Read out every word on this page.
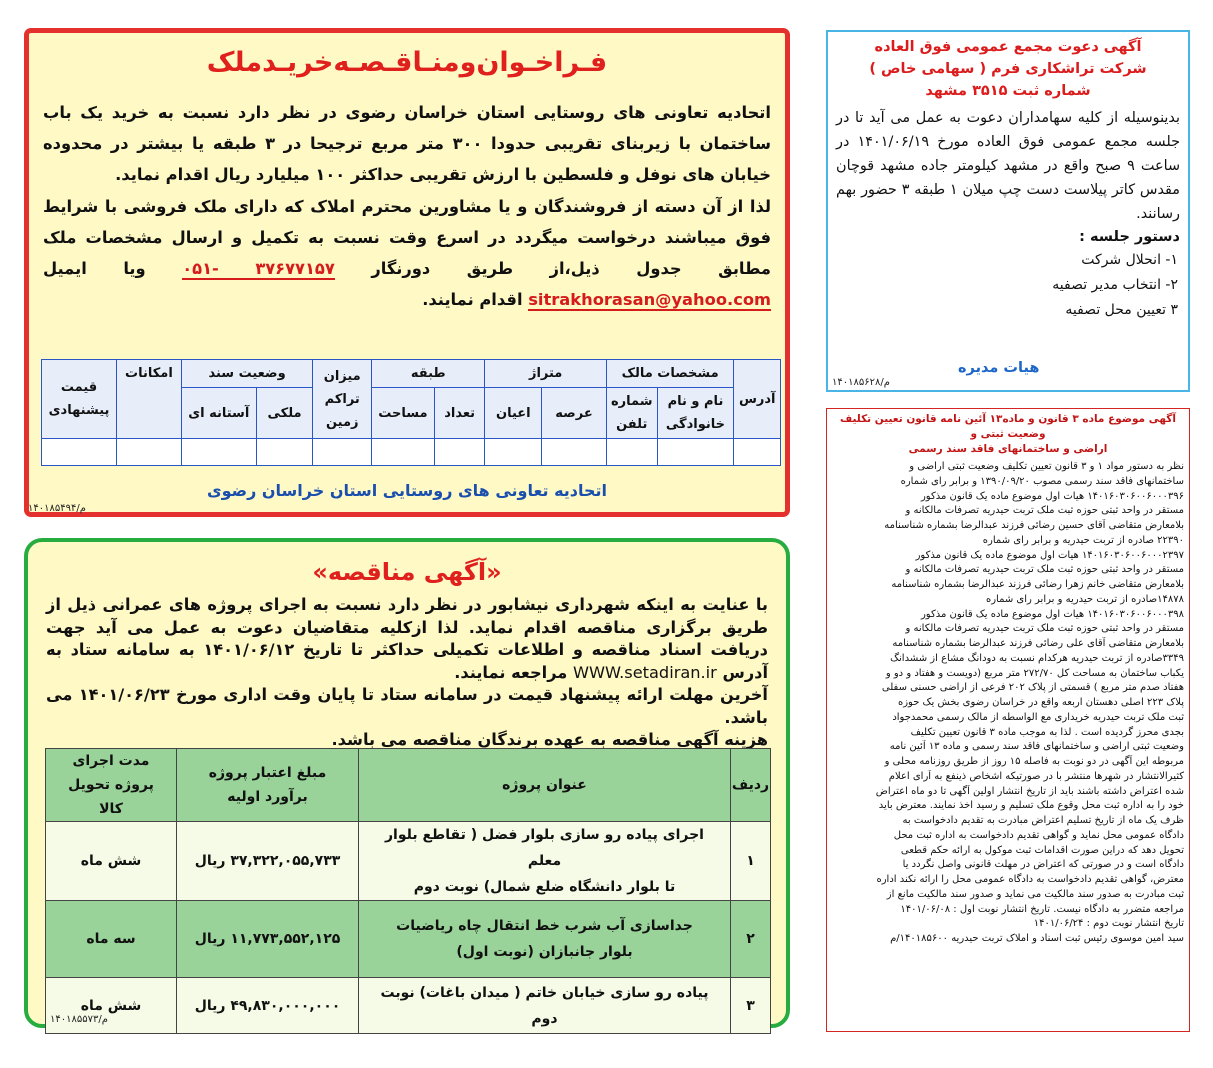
فـراخـوان‌ومنـاقـصـه‌خریـدملک

اتحادیه تعاونی های روستایی استان خراسان رضوی در نظر دارد نسبت به خرید یک باب ساختمان با زیربنای تقریبی حدودا ۳۰۰ متر مربع ترجیحا در ۳ طبقه یا بیشتر در محدوده خیابان های نوفل و فلسطین با ارزش تقریبی حداکثر ۱۰۰ میلیارد ریال اقدام نماید.

لذا از آن دسته از فروشندگان و یا مشاورین محترم املاک که دارای ملک فروشی با شرایط فوق میباشند درخواست میگردد در اسرع وقت نسبت به تکمیل و ارسال مشخصات ملک مطابق جدول ذیل،از طریق دورنگار ۳۷۶۷۷۱۵۷ -۰۵۱ ویا ایمیل sitrakhorasan@yahoo.com اقدام نمایند.

آدرس	مشخصات مالک		متراژ		طبقه		میزان تراکم زمین	وضعیت سند		امکانات	قیمت پیشنهادی
	نام و نام خانوادگی	شماره تلفن	عرصه	اعیان	تعداد	مساحت		ملکی	آستانه ای		

اتحادیه تعاونی های روستایی استان خراسان رضوی
۱۴۰۱۸۵۴۹۴/م
«آگهی مناقصه»

با عنایت به اینکه شهرداری نیشابور در نظر دارد نسبت به اجرای پروژه های عمرانی ذیل از طریق برگزاری مناقصه اقدام نماید. لذا ازکلیه متقاضیان دعوت به عمل می آید جهت دریافت اسناد مناقصه و اطلاعات تکمیلی حداکثر تا تاریخ ۱۴۰۱/۰۶/۱۲ به سامانه ستاد به آدرس WWW.setadiran.ir مراجعه نمایند.

آخرین مهلت ارائه پیشنهاد قیمت در سامانه ستاد تا پایان وقت اداری مورخ ۱۴۰۱/۰۶/۲۳ می باشد.

هزینه آگهی مناقصه به عهده برندگان مناقصه می باشد.

ردیف	عنوان پروژه	مبلغ اعتبار پروژه برآورد اولیه	مدت اجرای پروژه تحویل کالا
۱	اجرای پیاده رو سازی بلوار فضل ( تقاطع بلوار معلم
تا بلوار دانشگاه ضلع شمال) نوبت دوم	۳۷,۳۲۲,۰۵۵,۷۳۳ ریال	شش ماه
۲	جداسازی آب شرب خط انتقال چاه ریاضیات
بلوار جانبازان (نوبت اول)	۱۱,۷۷۳,۵۵۲,۱۲۵ ریال	سه ماه
۳	پیاده رو سازی خیابان خاتم ( میدان باغات) نوبت دوم	۴۹,۸۳۰,۰۰۰,۰۰۰ ریال	شش ماه
۱۴۰۱۸۵۵۷۳/م
آگهی دعوت مجمع عمومی فوق العاده
شرکت تراشکاری فرم ( سهامی خاص )
شماره ثبت ۳۵۱۵ مشهد
بدینوسیله از کلیه سهامداران دعوت به عمل می آید تا در جلسه مجمع عمومی فوق العاده مورخ ۱۴۰۱/۰۶/۱۹ در ساعت ۹ صبح واقع در مشهد کیلومتر جاده مشهد قوچان مقدس کاتر پیلاست دست چپ میلان ۱ طبقه ۳ حضور بهم رسانند.
دستور جلسه :
۱- انحلال شرکت
۲- انتخاب مدیر تصفیه
۳ تعیین محل تصفیه
هیات مدیره
۱۴۰۱۸۵۶۲۸/م
آگهی موضوع ماده ۳ قانون و ماده۱۳ آئین نامه قانون تعیین تکلیف وضعیت ثبتی و
اراضی و ساختمانهای فاقد سند رسمی
نظر به دستور مواد ۱ و ۳ قانون تعیین تکلیف وضعیت ثبتی اراضی و
ساختمانهای فاقد سند رسمی مصوب ۱۳۹۰/۰۹/۲۰ و برابر رای شماره
۱۴۰۱۶۰۳۰۶۰۰۶۰۰۰۳۹۶ هیات اول موضوع ماده یک قانون مذکور
مستقر در واحد ثبتی حوزه ثبت ملک تربت حیدریه تصرفات مالکانه و
بلامعارض متقاضی آقای حسین رضائی فرزند عبدالرضا بشماره شناسنامه
۲۲۳۹۰ صادره از تربت حیدریه و برابر رای شماره
۱۴۰۱۶۰۳۰۶۰۰۶۰۰۰۲۳۹۷ هیات اول موضوع ماده یک قانون مذکور
مستقر در واحد ثبتی حوزه ثبت ملک تربت حیدریه تصرفات مالکانه و
بلامعارض متقاضی خانم زهرا رضائی فرزند عبدالرضا بشماره شناسنامه
۱۴۸۷۸صادره از تربت حیدریه و برابر رای شماره
۱۴۰۱۶۰۳۰۶۰۰۶۰۰۰۳۹۸ هیات اول موضوع ماده یک قانون مذکور
مستقر در واحد ثبتی حوزه ثبت ملک تربت حیدریه تصرفات مالکانه و
بلامعارض متقاضی آقای علی رضائی فرزند عبدالرضا بشماره شناسنامه
۳۳۴۹صادره از تربت حیدریه هرکدام نسبت به دودانگ مشاع از ششدانگ
یکباب ساختمان به مساحت کل ۲۷۲/۷۰ متر مربع (دویست و هفتاد و دو و
هفتاد صدم متر مربع ) قسمتی از پلاک ۲۰۲ فرعی از اراضی حسنی سفلی
پلاک ۲۲۳ اصلی دهستان اربعه واقع در خراسان رضوی بخش یک حوزه
ثبت ملک تربت حیدریه خریداری مع الواسطه از مالک رسمی محمدجواد
بجدی محرز گردیده است . لذا به موجب ماده ۳ قانون تعیین تکلیف
وضعیت ثبتی اراضی و ساختمانهای فاقد سند رسمی و ماده ۱۳ آئین نامه
مربوطه این آگهی در دو نوبت به فاصله ۱۵ روز از طریق روزنامه محلی و
کثیرالانتشار در شهرها منتشر با در صورتیکه اشخاص ذینفع به آرای اعلام
شده اعتراض داشته باشند باید از تاریخ انتشار اولین آگهی تا دو ماه اعتراض
خود را به اداره ثبت محل وقوع ملک تسلیم و رسید اخذ نمایند. معترض باید
ظرف یک ماه از تاریخ تسلیم اعتراض مبادرت به تقدیم دادخواست به
دادگاه عمومی محل نماید و گواهی تقدیم دادخواست به اداره ثبت محل
تحویل دهد که دراین صورت اقدامات ثبت موکول به ارائه حکم قطعی
دادگاه است و در صورتی که اعتراض در مهلت قانونی واصل نگردد یا
معترض، گواهی تقدیم دادخواست به دادگاه عمومی محل را ارائه نکند اداره
ثبت مبادرت به صدور سند مالکیت می نماید و صدور سند مالکیت مانع از
مراجعه متضرر به دادگاه نیست. تاریخ انتشار نوبت اول : ۱۴۰۱/۰۶/۰۸
تاریخ انتشار نوبت دوم : ۱۴۰۱/۰۶/۲۴
سید امین موسوی رئیس ثبت اسناد و املاک تربت حیدریه ۱۴۰۱۸۵۶۰۰/م
